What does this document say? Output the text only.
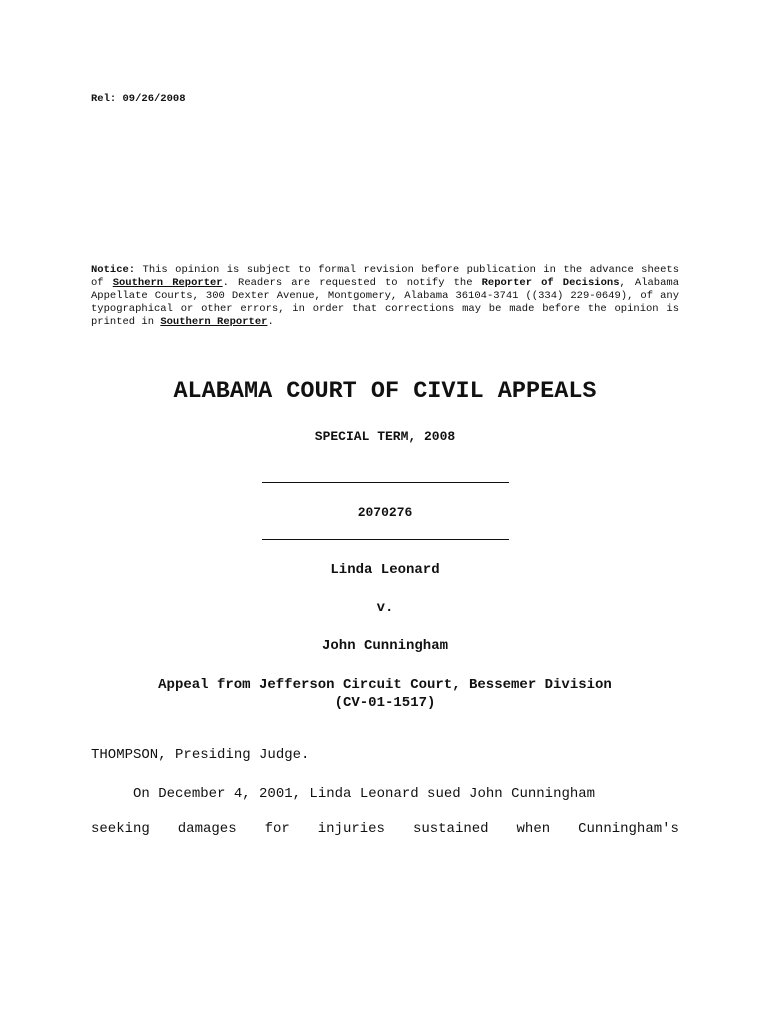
Rel: 09/26/2008
Notice: This opinion is subject to formal revision before publication in the advance sheets of Southern Reporter. Readers are requested to notify the Reporter of Decisions, Alabama Appellate Courts, 300 Dexter Avenue, Montgomery, Alabama 36104-3741 ((334) 229-0649), of any typographical or other errors, in order that corrections may be made before the opinion is printed in Southern Reporter.
ALABAMA COURT OF CIVIL APPEALS
SPECIAL TERM, 2008
2070276
Linda Leonard
v.
John Cunningham
Appeal from Jefferson Circuit Court, Bessemer Division
(CV-01-1517)
THOMPSON, Presiding Judge.
On December 4, 2001, Linda Leonard sued John Cunningham
seeking damages for injuries sustained when Cunningham's
